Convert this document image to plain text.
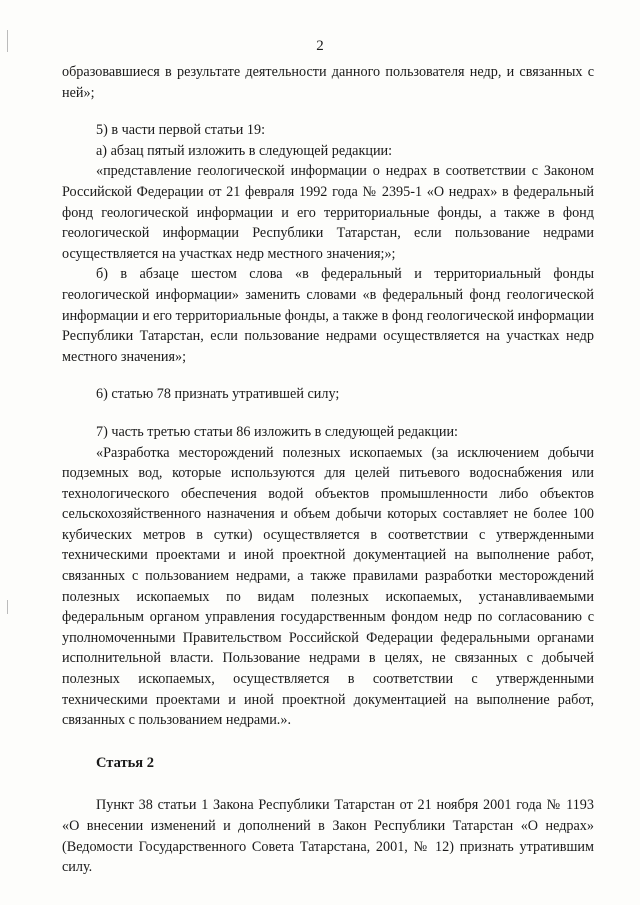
2

образовавшиеся в результате деятельности данного пользователя недр, и связанных с ней»;

5) в части первой статьи 19:

а) абзац пятый изложить в следующей редакции:

«представление геологической информации о недрах в соответствии с Законом Российской Федерации от 21 февраля 1992 года № 2395-1 «О недрах» в федеральный фонд геологической информации и его территориальные фонды, а также в фонд геологической информации Республики Татарстан, если пользование недрами осуществляется на участках недр местного значения;»;

б) в абзаце шестом слова «в федеральный и территориальный фонды геологической информации» заменить словами «в федеральный фонд геологической информации и его территориальные фонды, а также в фонд геологической информации Республики Татарстан, если пользование недрами осуществляется на участках недр местного значения»;

6) статью 78 признать утратившей силу;

7) часть третью статьи 86 изложить в следующей редакции:

«Разработка месторождений полезных ископаемых (за исключением добычи подземных вод, которые используются для целей питьевого водоснабжения или технологического обеспечения водой объектов промышленности либо объектов сельскохозяйственного назначения и объем добычи которых составляет не более 100 кубических метров в сутки) осуществляется в соответствии с утвержденными техническими проектами и иной проектной документацией на выполнение работ, связанных с пользованием недрами, а также правилами разработки месторождений полезных ископаемых по видам полезных ископаемых, устанавливаемыми федеральным органом управления государственным фондом недр по согласованию с уполномоченными Правительством Российской Федерации федеральными органами исполнительной власти. Пользование недрами в целях, не связанных с добычей полезных ископаемых, осуществляется в соответствии с утвержденными техническими проектами и иной проектной документацией на выполнение работ, связанных с пользованием недрами.».

Статья 2

Пункт 38 статьи 1 Закона Республики Татарстан от 21 ноября 2001 года № 1193 «О внесении изменений и дополнений в Закон Республики Татарстан «О недрах» (Ведомости Государственного Совета Татарстана, 2001, № 12) признать утратившим силу.
